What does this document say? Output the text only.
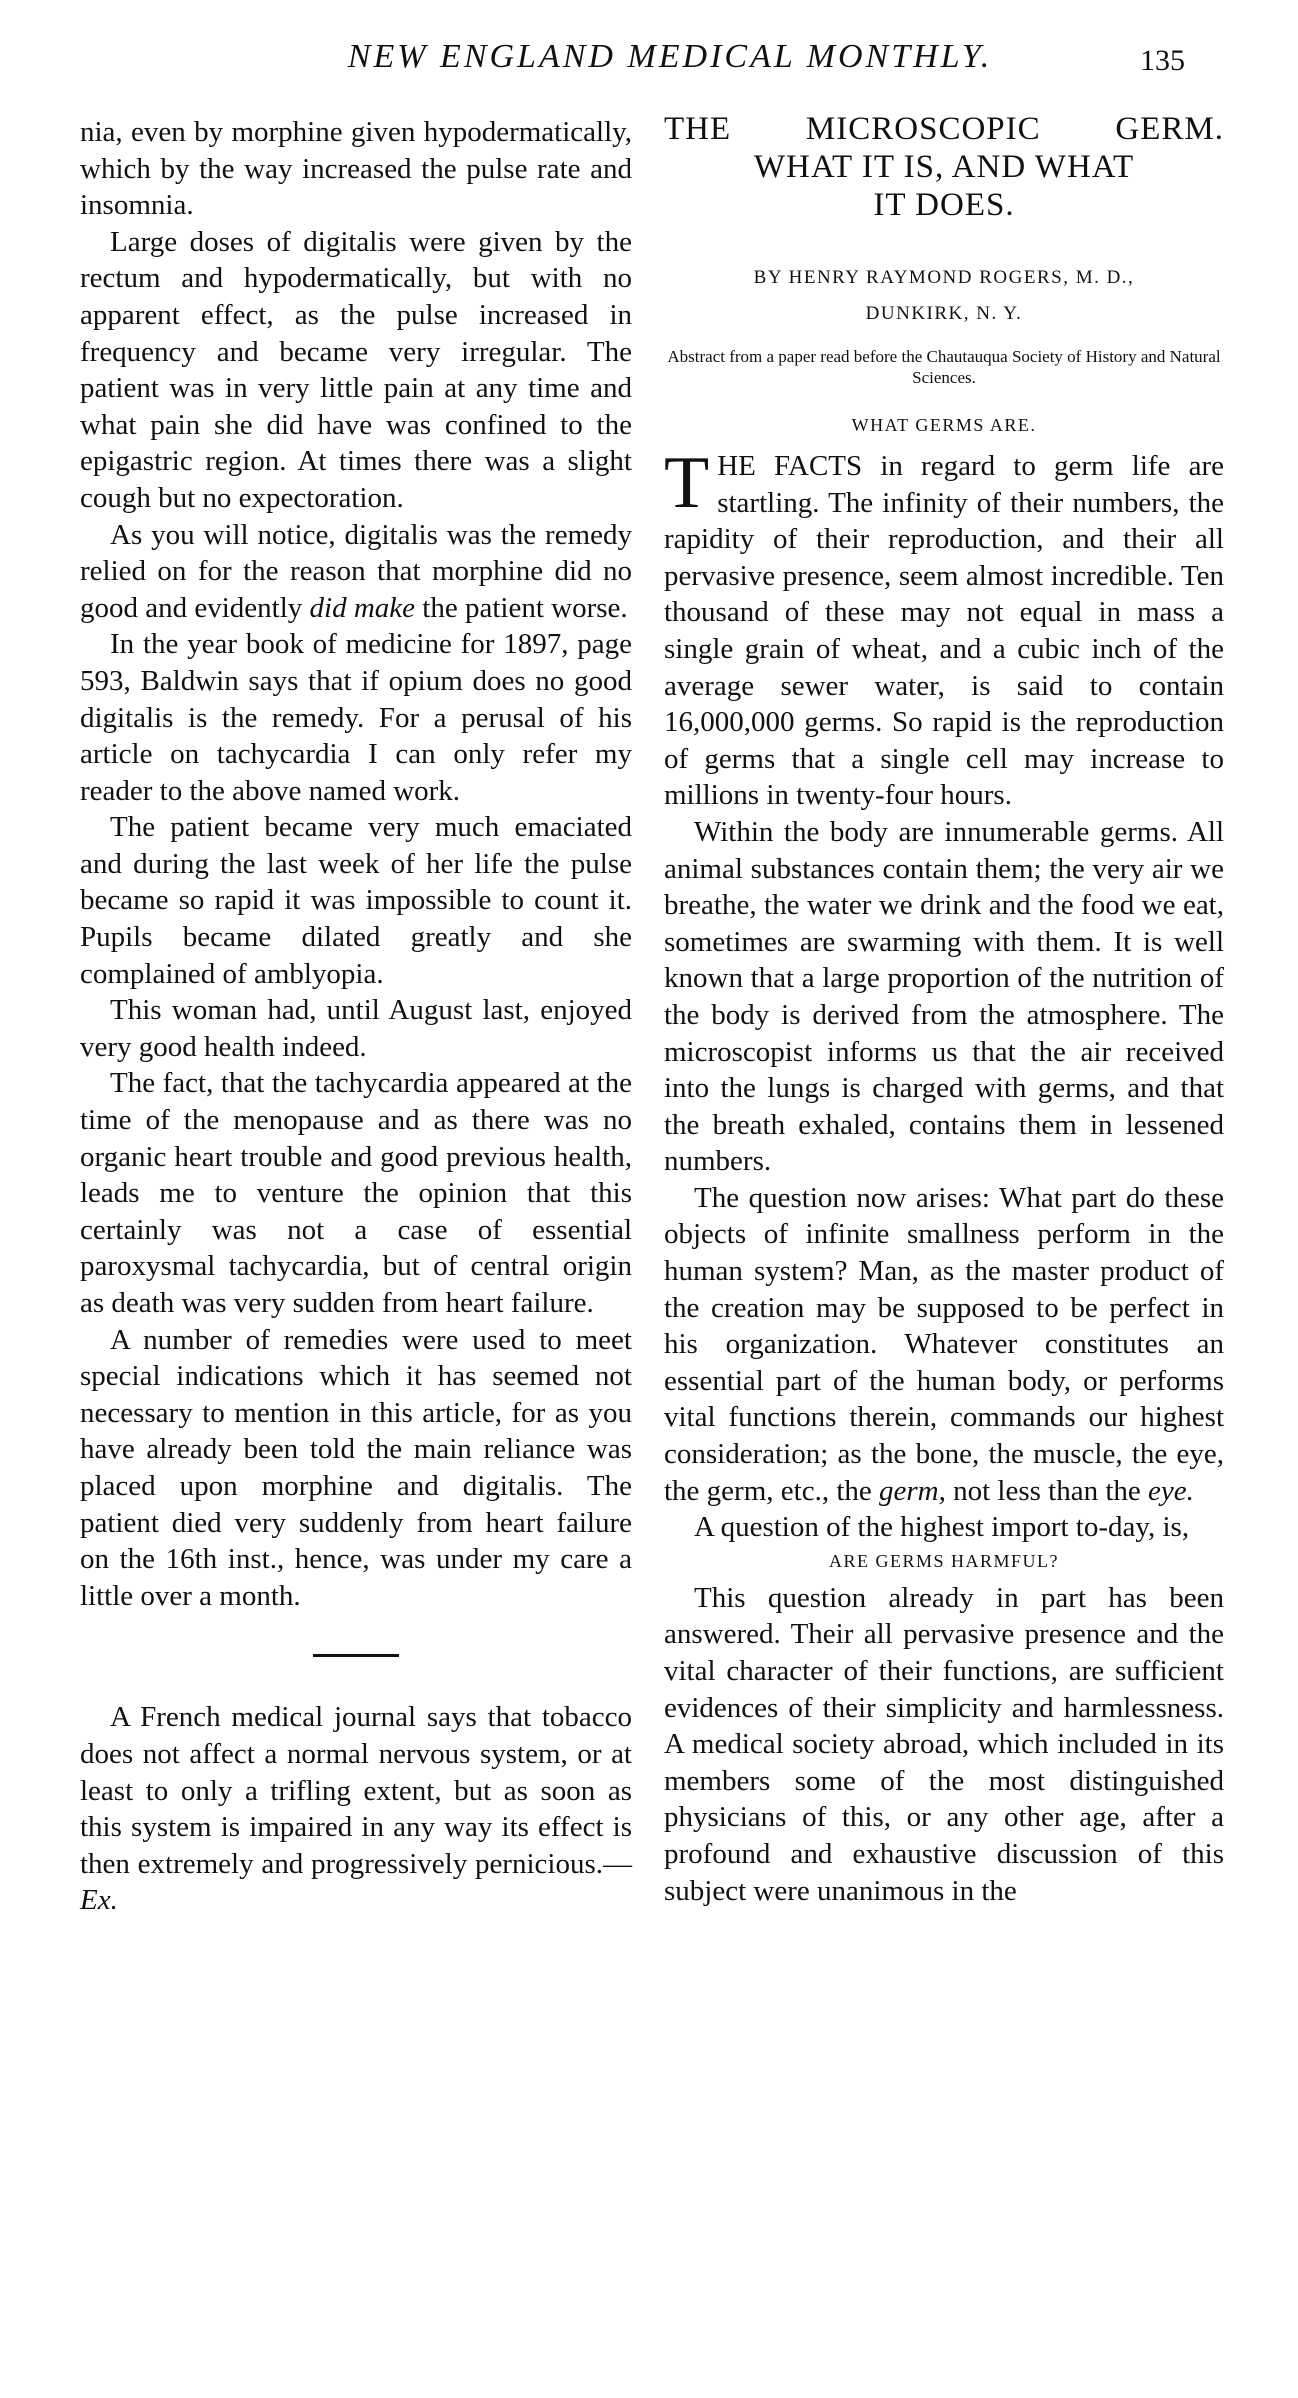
NEW ENGLAND MEDICAL MONTHLY.	135

nia, even by morphine given hypodermatically, which by the way increased the pulse rate and insomnia.

Large doses of digitalis were given by the rectum and hypodermatically, but with no apparent effect, as the pulse increased in frequency and became very irregular. The patient was in very little pain at any time and what pain she did have was confined to the epigastric region. At times there was a slight cough but no expectoration.

As you will notice, digitalis was the remedy relied on for the reason that morphine did no good and evidently did make the patient worse.

In the year book of medicine for 1897, page 593, Baldwin says that if opium does no good digitalis is the remedy. For a perusal of his article on tachycardia I can only refer my reader to the above named work.

The patient became very much emaciated and during the last week of her life the pulse became so rapid it was impossible to count it. Pupils became dilated greatly and she complained of amblyopia.

This woman had, until August last, enjoyed very good health indeed.

The fact, that the tachycardia appeared at the time of the menopause and as there was no organic heart trouble and good previous health, leads me to venture the opinion that this certainly was not a case of essential paroxysmal tachycardia, but of central origin as death was very sudden from heart failure.

A number of remedies were used to meet special indications which it has seemed not necessary to mention in this article, for as you have already been told the main reliance was placed upon morphine and digitalis. The patient died very suddenly from heart failure on the 16th inst., hence, was under my care a little over a month.

A French medical journal says that tobacco does not affect a normal nervous system, or at least to only a trifling extent, but as soon as this system is impaired in any way its effect is then extremely and progressively pernicious.—Ex.

THE MICROSCOPIC GERM.
WHAT IT IS, AND WHAT
IT DOES.
BY HENRY RAYMOND ROGERS, M. D.,
DUNKIRK, N. Y.
Abstract from a paper read before the Chautauqua Society of History and Natural Sciences.
WHAT GERMS ARE.

THE FACTS in regard to germ life are startling. The infinity of their numbers, the rapidity of their reproduction, and their all pervasive presence, seem almost incredible. Ten thousand of these may not equal in mass a single grain of wheat, and a cubic inch of the average sewer water, is said to contain 16,000,000 germs. So rapid is the reproduction of germs that a single cell may increase to millions in twenty-four hours.

Within the body are innumerable germs. All animal substances contain them; the very air we breathe, the water we drink and the food we eat, sometimes are swarming with them. It is well known that a large proportion of the nutrition of the body is derived from the atmosphere. The microscopist informs us that the air received into the lungs is charged with germs, and that the breath exhaled, contains them in lessened numbers.

The question now arises: What part do these objects of infinite smallness perform in the human system? Man, as the master product of the creation may be supposed to be perfect in his organization. Whatever constitutes an essential part of the human body, or performs vital functions therein, commands our highest consideration; as the bone, the muscle, the eye, the germ, etc., the germ, not less than the eye.

A question of the highest import to-day, is,

ARE GERMS HARMFUL?

This question already in part has been answered. Their all pervasive presence and the vital character of their functions, are sufficient evidences of their simplicity and harmlessness. A medical society abroad, which included in its members some of the most distinguished physicians of this, or any other age, after a profound and exhaustive discussion of this subject were unanimous in the
